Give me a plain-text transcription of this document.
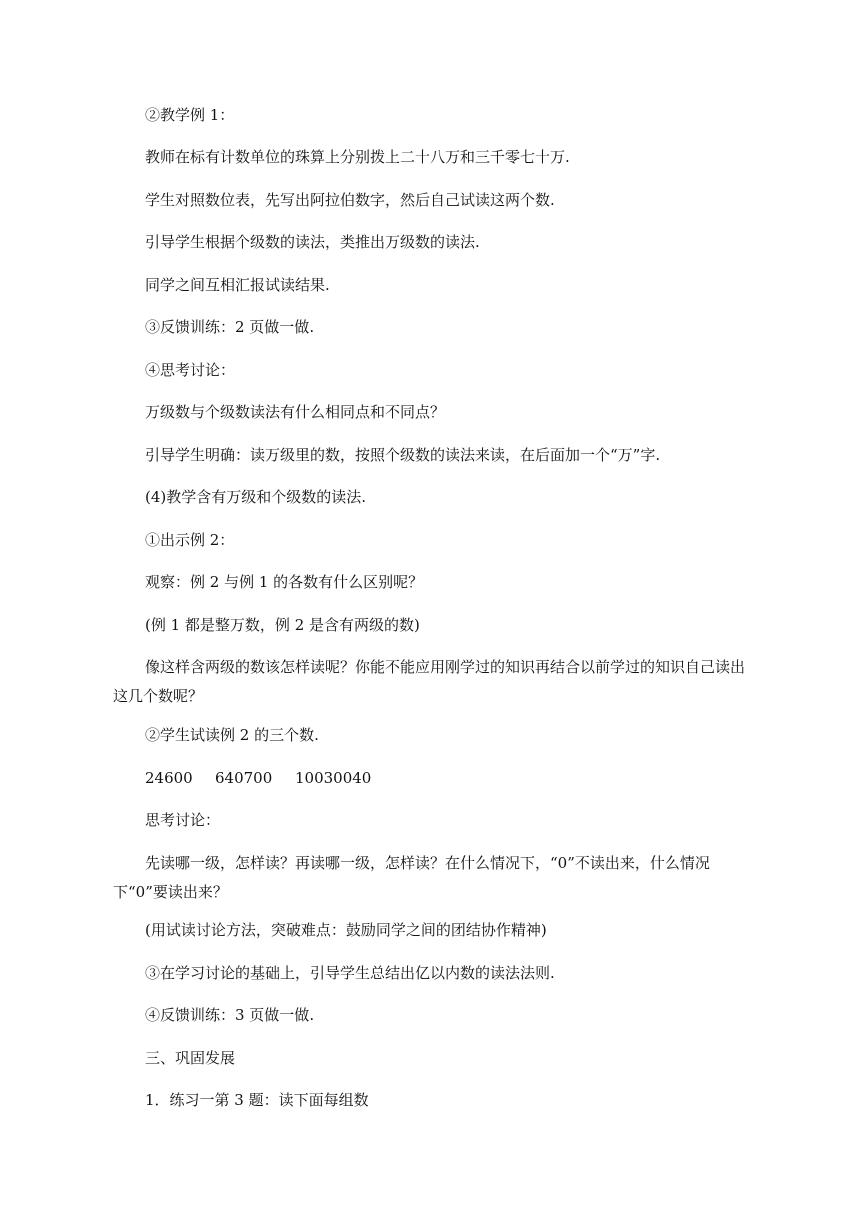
②教学例 1：

教师在标有计数单位的珠算上分别拨上二十八万和三千零七十万.

学生对照数位表，先写出阿拉伯数字，然后自己试读这两个数.

引导学生根据个级数的读法，类推出万级数的读法.

同学之间互相汇报试读结果.

③反馈训练：2 页做一做.

④思考讨论：

万级数与个级数读法有什么相同点和不同点？

引导学生明确：读万级里的数，按照个级数的读法来读，在后面加一个“万”字.

(4)教学含有万级和个级数的读法.

①出示例 2：

观察：例 2 与例 1 的各数有什么区别呢？

(例 1 都是整万数，例 2 是含有两级的数)

像这样含两级的数该怎样读呢？你能不能应用刚学过的知识再结合以前学过的知识自己读出这几个数呢？

②学生试读例 2 的三个数.

24600	640700	10030040

思考讨论：

先读哪一级，怎样读？再读哪一级，怎样读？在什么情况下，“0”不读出来，什么情况下“0”要读出来？

(用试读讨论方法，突破难点：鼓励同学之间的团结协作精神)

③在学习讨论的基础上，引导学生总结出亿以内数的读法法则.

④反馈训练：3 页做一做.

三、巩固发展

1．练习一第 3 题：读下面每组数
